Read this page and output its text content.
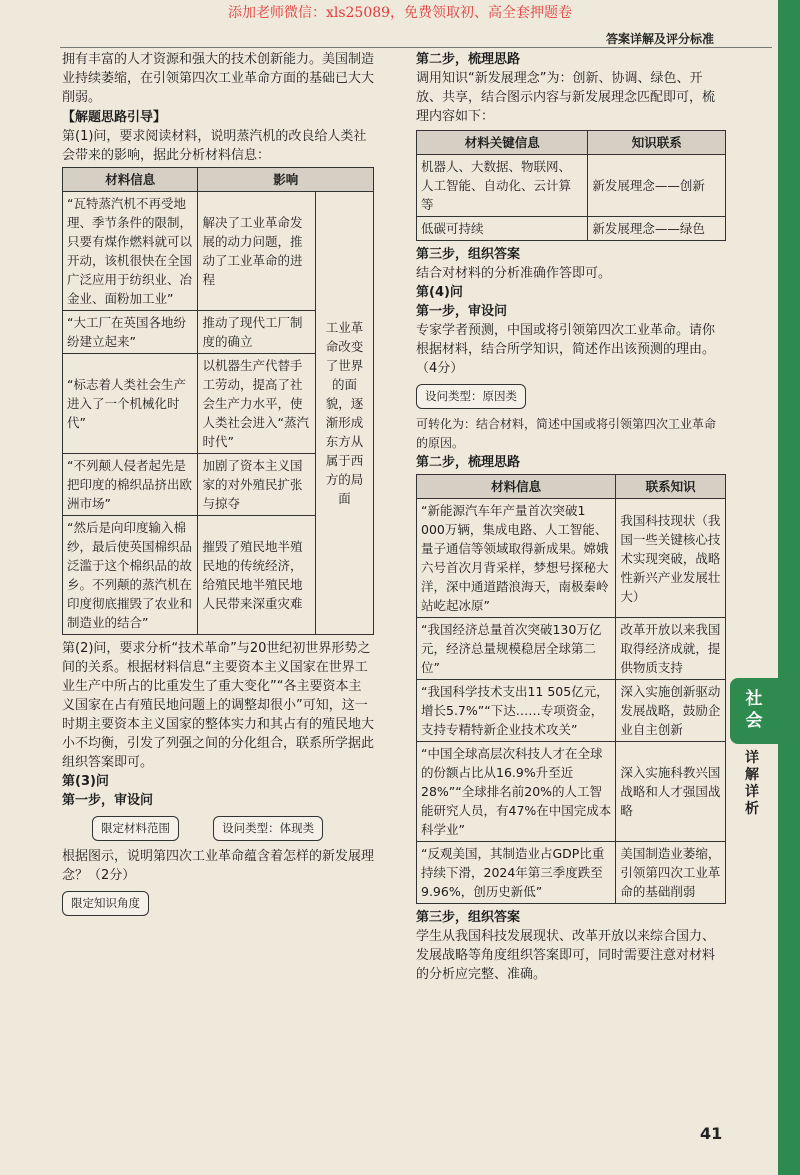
添加老师微信：xls25089，免费领取初、高全套押题卷
答案详解及评分标准
社
会
详
解
详
析

拥有丰富的人才资源和强大的技术创新能力。美国制造业持续萎缩，在引领第四次工业革命方面的基础已大大削弱。

【解题思路引导】

第(1)问，要求阅读材料，说明蒸汽机的改良给人类社会带来的影响，据此分析材料信息：

材料信息	影响	
“瓦特蒸汽机不再受地理、季节条件的限制，只要有煤作燃料就可以开动，该机很快在全国广泛应用于纺织业、冶金业、面粉加工业”	解决了工业革命发展的动力问题，推动了工业革命的进程	工业革命改变了世界的面貌，逐渐形成东方从属于西方的局面
“大工厂在英国各地纷纷建立起来”	推动了现代工厂制度的确立	
“标志着人类社会生产进入了一个机械化时代”	以机器生产代替手工劳动，提高了社会生产力水平，使人类社会进入“蒸汽时代”	
“不列颠人侵者起先是把印度的棉织品挤出欧洲市场”	加剧了资本主义国家的对外殖民扩张与掠夺	
“然后是向印度输入棉纱，最后使英国棉织品泛滥于这个棉织品的故乡。不列颠的蒸汽机在印度彻底摧毁了农业和制造业的结合”	摧毁了殖民地半殖民地的传统经济，给殖民地半殖民地人民带来深重灾难	

第(2)问，要求分析“技术革命”与20世纪初世界形势之间的关系。根据材料信息“主要资本主义国家在世界工业生产中所占的比重发生了重大变化”“各主要资本主义国家在占有殖民地问题上的调整却很小”可知，这一时期主要资本主义国家的整体实力和其占有的殖民地大小不均衡，引发了列强之间的分化组合，联系所学据此组织答案即可。

第(3)问

第一步，审设问

限定材料范围	设问类型：体现类

根据图示，说明第四次工业革命蕴含着怎样的新发展理念？（2分）

限定知识角度

第二步，梳理思路

调用知识“新发展理念”为：创新、协调、绿色、开放、共享，结合图示内容与新发展理念匹配即可，梳理内容如下：

材料关键信息	知识联系
机器人、大数据、物联网、人工智能、自动化、云计算等	新发展理念——创新
低碳可持续	新发展理念——绿色

第三步，组织答案

结合对材料的分析准确作答即可。

第(4)问

第一步，审设问

专家学者预测，中国或将引领第四次工业革命。请你根据材料，结合所学知识，简述作出该预测的理由。（4分）

设问类型：原因类

可转化为：结合材料，简述中国或将引领第四次工业革命的原因。

第二步，梳理思路

材料信息	联系知识
“新能源汽车年产量首次突破1 000万辆，集成电路、人工智能、量子通信等领域取得新成果。嫦娥六号首次月背采样，梦想号探秘大洋，深中通道踏浪海天，南极秦岭站屹起冰原”	我国科技现状（我国一些关键核心技术实现突破，战略性新兴产业发展壮大）
“我国经济总量首次突破130万亿元，经济总量规模稳居全球第二位”	改革开放以来我国取得经济成就，提供物质支持
“我国科学技术支出11 505亿元，增长5.7%”“下达……专项资金，支持专精特新企业技术攻关”	深入实施创新驱动发展战略，鼓励企业自主创新
“中国全球高层次科技人才在全球的份额占比从16.9%升至近28%”“全球排名前20%的人工智能研究人员，有47%在中国完成本科学业”	深入实施科教兴国战略和人才强国战略
“反观美国，其制造业占GDP比重持续下滑，2024年第三季度跌至9.96%，创历史新低”	美国制造业萎缩，引领第四次工业革命的基础削弱

第三步，组织答案

学生从我国科技发展现状、改革开放以来综合国力、发展战略等角度组织答案即可，同时需要注意对材料的分析应完整、准确。

41
